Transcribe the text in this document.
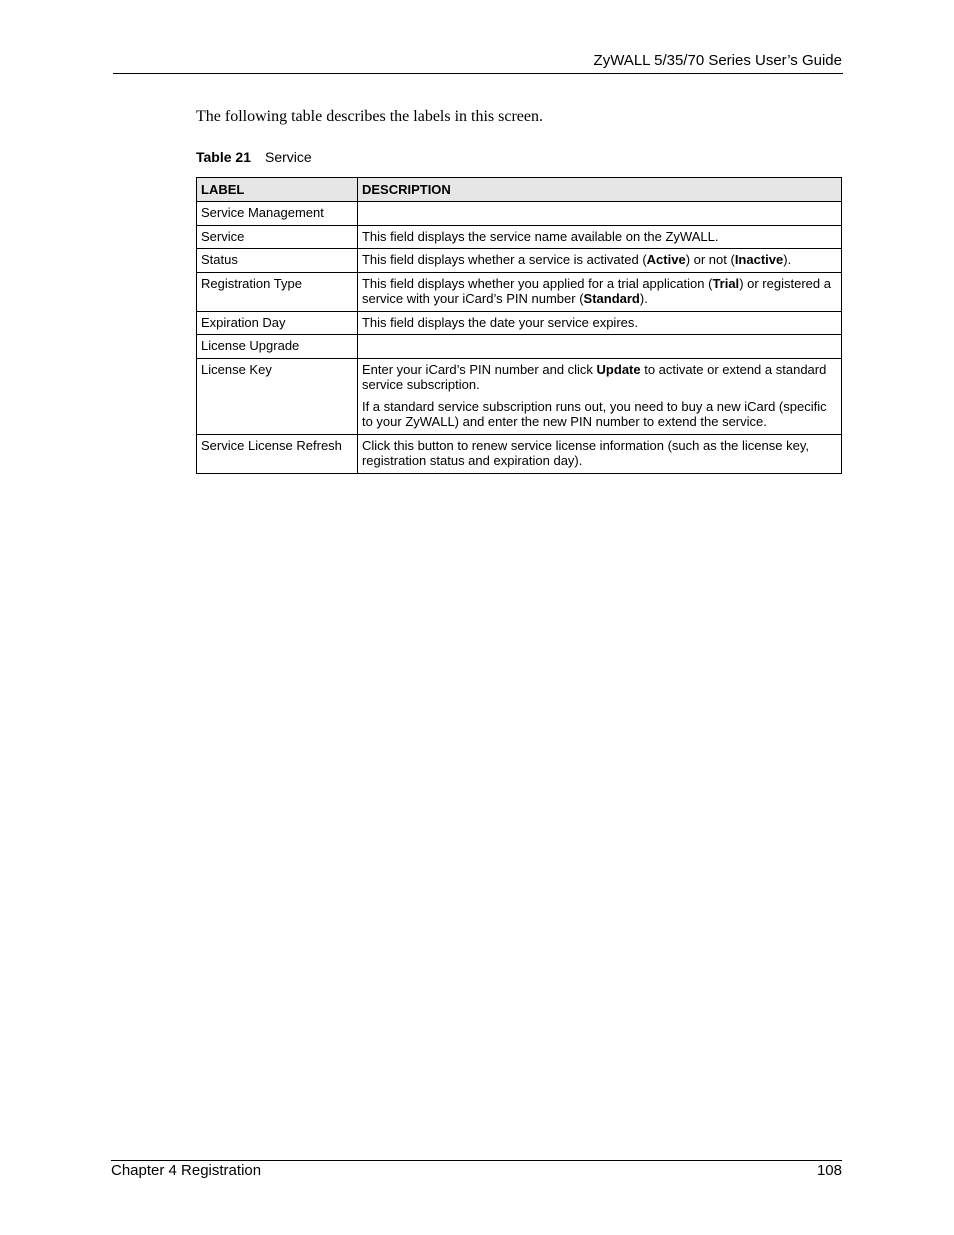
ZyWALL 5/35/70 Series User’s Guide
The following table describes the labels in this screen.
Table 21 Service
LABEL	DESCRIPTION
Service Management	
Service	This field displays the service name available on the ZyWALL.

Status	This field displays whether a service is activated (Active) or not (Inactive).

Registration Type	This field displays whether you applied for a trial application (Trial) or registered a service with your iCard’s PIN number (Standard).

Expiration Day	This field displays the date your service expires.

License Upgrade	
License Key	Enter your iCard’s PIN number and click Update to activate or extend a standard service subscription.

If a standard service subscription runs out, you need to buy a new iCard (specific to your ZyWALL) and enter the new PIN number to extend the service.

Service License Refresh	Click this button to renew service license information (such as the license key, registration status and expiration day).

Chapter 4 Registration	108
